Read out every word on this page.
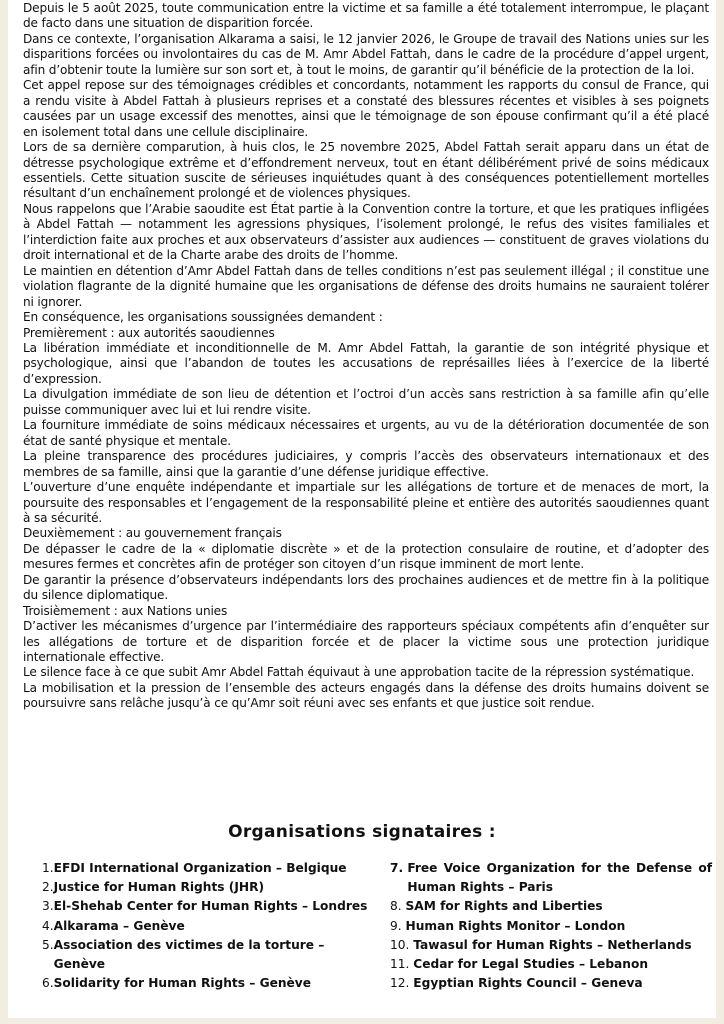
Depuis le 5 août 2025, toute communication entre la victime et sa famille a été totalement interrompue, le plaçant de facto dans une situation de disparition forcée.

Dans ce contexte, l’organisation Alkarama a saisi, le 12 janvier 2026, le Groupe de travail des Nations unies sur les disparitions forcées ou involontaires du cas de M. Amr Abdel Fattah, dans le cadre de la procédure d’appel urgent, afin d’obtenir toute la lumière sur son sort et, à tout le moins, de garantir qu’il bénéficie de la protection de la loi.

Cet appel repose sur des témoignages crédibles et concordants, notamment les rapports du consul de France, qui a rendu visite à Abdel Fattah à plusieurs reprises et a constaté des blessures récentes et visibles à ses poignets causées par un usage excessif des menottes, ainsi que le témoignage de son épouse confirmant qu’il a été placé en isolement total dans une cellule disciplinaire.

Lors de sa dernière comparution, à huis clos, le 25 novembre 2025, Abdel Fattah serait apparu dans un état de détresse psychologique extrême et d’effondrement nerveux, tout en étant délibérément privé de soins médicaux essentiels. Cette situation suscite de sérieuses inquiétudes quant à des conséquences potentiellement mortelles résultant d’un enchaînement prolongé et de violences physiques.

Nous rappelons que l’Arabie saoudite est État partie à la Convention contre la torture, et que les pratiques infligées à Abdel Fattah — notamment les agressions physiques, l’isolement prolongé, le refus des visites familiales et l’interdiction faite aux proches et aux observateurs d’assister aux audiences — constituent de graves violations du droit international et de la Charte arabe des droits de l’homme.

Le maintien en détention d’Amr Abdel Fattah dans de telles conditions n’est pas seulement illégal ; il constitue une violation flagrante de la dignité humaine que les organisations de défense des droits humains ne sauraient tolérer ni ignorer.

En conséquence, les organisations soussignées demandent :

Premièrement : aux autorités saoudiennes

La libération immédiate et inconditionnelle de M. Amr Abdel Fattah, la garantie de son intégrité physique et psychologique, ainsi que l’abandon de toutes les accusations de représailles liées à l’exercice de la liberté d’expression.

La divulgation immédiate de son lieu de détention et l’octroi d’un accès sans restriction à sa famille afin qu’elle puisse communiquer avec lui et lui rendre visite.

La fourniture immédiate de soins médicaux nécessaires et urgents, au vu de la détérioration documentée de son état de santé physique et mentale.

La pleine transparence des procédures judiciaires, y compris l’accès des observateurs internationaux et des membres de sa famille, ainsi que la garantie d’une défense juridique effective.

L’ouverture d’une enquête indépendante et impartiale sur les allégations de torture et de menaces de mort, la poursuite des responsables et l’engagement de la responsabilité pleine et entière des autorités saoudiennes quant à sa sécurité.

Deuxièmement : au gouvernement français

De dépasser le cadre de la « diplomatie discrète » et de la protection consulaire de routine, et d’adopter des mesures fermes et concrètes afin de protéger son citoyen d’un risque imminent de mort lente.

De garantir la présence d’observateurs indépendants lors des prochaines audiences et de mettre fin à la politique du silence diplomatique.

Troisièmement : aux Nations unies

D’activer les mécanismes d’urgence par l’intermédiaire des rapporteurs spéciaux compétents afin d’enquêter sur les allégations de torture et de disparition forcée et de placer la victime sous une protection juridique internationale effective.

Le silence face à ce que subit Amr Abdel Fattah équivaut à une approbation tacite de la répression systématique.

La mobilisation et la pression de l’ensemble des acteurs engagés dans la défense des droits humains doivent se poursuivre sans relâche jusqu’à ce qu’Amr soit réuni avec ses enfants et que justice soit rendue.

Organisations signataires :
1. EFDI International Organization – Belgique
2. Justice for Human Rights (JHR)
3. El-Shehab Center for Human Rights – Londres
4. Alkarama – Genève
5. Association des victimes de la torture – Genève
6. Solidarity for Human Rights – Genève
7. Free Voice Organization for the Defense of Human Rights – Paris
8. SAM for Rights and Liberties
9. Human Rights Monitor – London
10. Tawasul for Human Rights – Netherlands
11. Cedar for Legal Studies – Lebanon
12. Egyptian Rights Council – Geneva
